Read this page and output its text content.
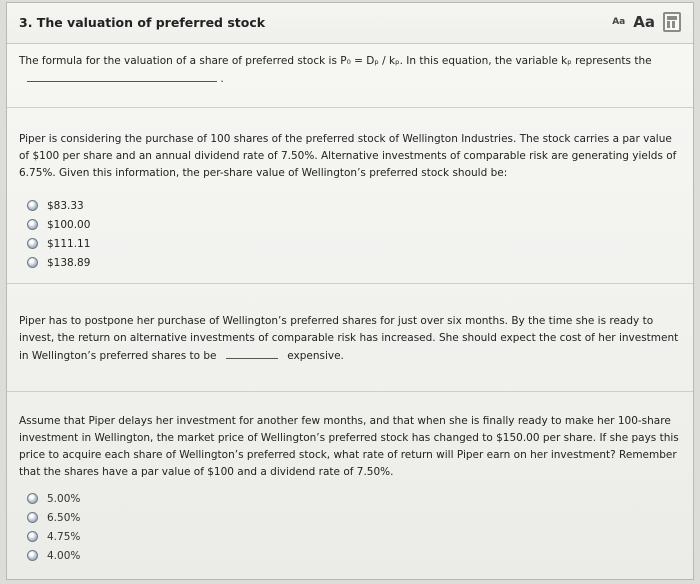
3. The valuation of preferred stock	Aa Aa
The formula for the valuation of a share of preferred stock is P₀ = Dₚ / kₚ. In this equation, the variable kₚ represents the  .
Piper is considering the purchase of 100 shares of the preferred stock of Wellington Industries. The stock carries a par value of $100 per share and an annual dividend rate of 7.50%. Alternative investments of comparable risk are generating yields of 6.75%. Given this information, the per-share value of Wellington’s preferred stock should be:
$83.33
$100.00
$111.11
$138.89
Piper has to postpone her purchase of Wellington’s preferred shares for just over six months. By the time she is ready to invest, the return on alternative investments of comparable risk has increased. She should expect the cost of her investment in Wellington’s preferred shares to be	expensive.
Assume that Piper delays her investment for another few months, and that when she is finally ready to make her 100-share investment in Wellington, the market price of Wellington’s preferred stock has changed to $150.00 per share. If she pays this price to acquire each share of Wellington’s preferred stock, what rate of return will Piper earn on her investment? Remember that the shares have a par value of $100 and a dividend rate of 7.50%.
5.00%
6.50%
4.75%
4.00%
